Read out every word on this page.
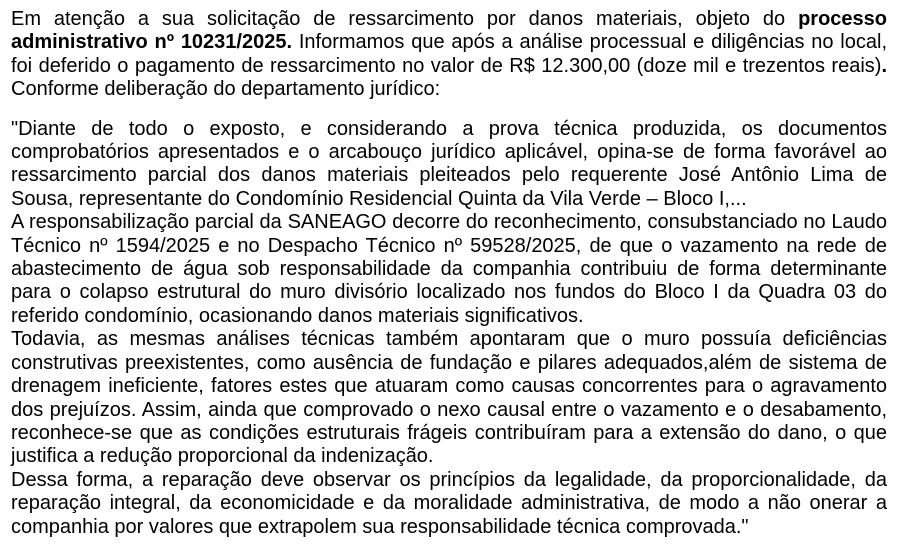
Em atenção a sua solicitação de ressarcimento por danos materiais, objeto do processo administrativo nº 10231/2025. Informamos que após a análise processual e diligências no local, foi deferido o pagamento de ressarcimento no valor de R$ 12.300,00 (doze mil e trezentos reais). Conforme deliberação do departamento jurídico:

"Diante de todo o exposto, e considerando a prova técnica produzida, os documentos comprobatórios apresentados e o arcabouço jurídico aplicável, opina-se de forma favorável ao ressarcimento parcial dos danos materiais pleiteados pelo requerente José Antônio Lima de Sousa, representante do Condomínio Residencial Quinta da Vila Verde – Bloco I,...

A responsabilização parcial da SANEAGO decorre do reconhecimento, consubstanciado no Laudo Técnico nº 1594/2025 e no Despacho Técnico nº 59528/2025, de que o vazamento na rede de abastecimento de água sob responsabilidade da companhia contribuiu de forma determinante para o colapso estrutural do muro divisório localizado nos fundos do Bloco I da Quadra 03 do referido condomínio, ocasionando danos materiais significativos.

Todavia, as mesmas análises técnicas também apontaram que o muro possuía deficiências construtivas preexistentes, como ausência de fundação e pilares adequados,além de sistema de drenagem ineficiente, fatores estes que atuaram como causas concorrentes para o agravamento dos prejuízos. Assim, ainda que comprovado o nexo causal entre o vazamento e o desabamento, reconhece-se que as condições estruturais frágeis contribuíram para a extensão do dano, o que justifica a redução proporcional da indenização.

Dessa forma, a reparação deve observar os princípios da legalidade, da proporcionalidade, da reparação integral, da economicidade e da moralidade administrativa, de modo a não onerar a companhia por valores que extrapolem sua responsabilidade técnica comprovada."
